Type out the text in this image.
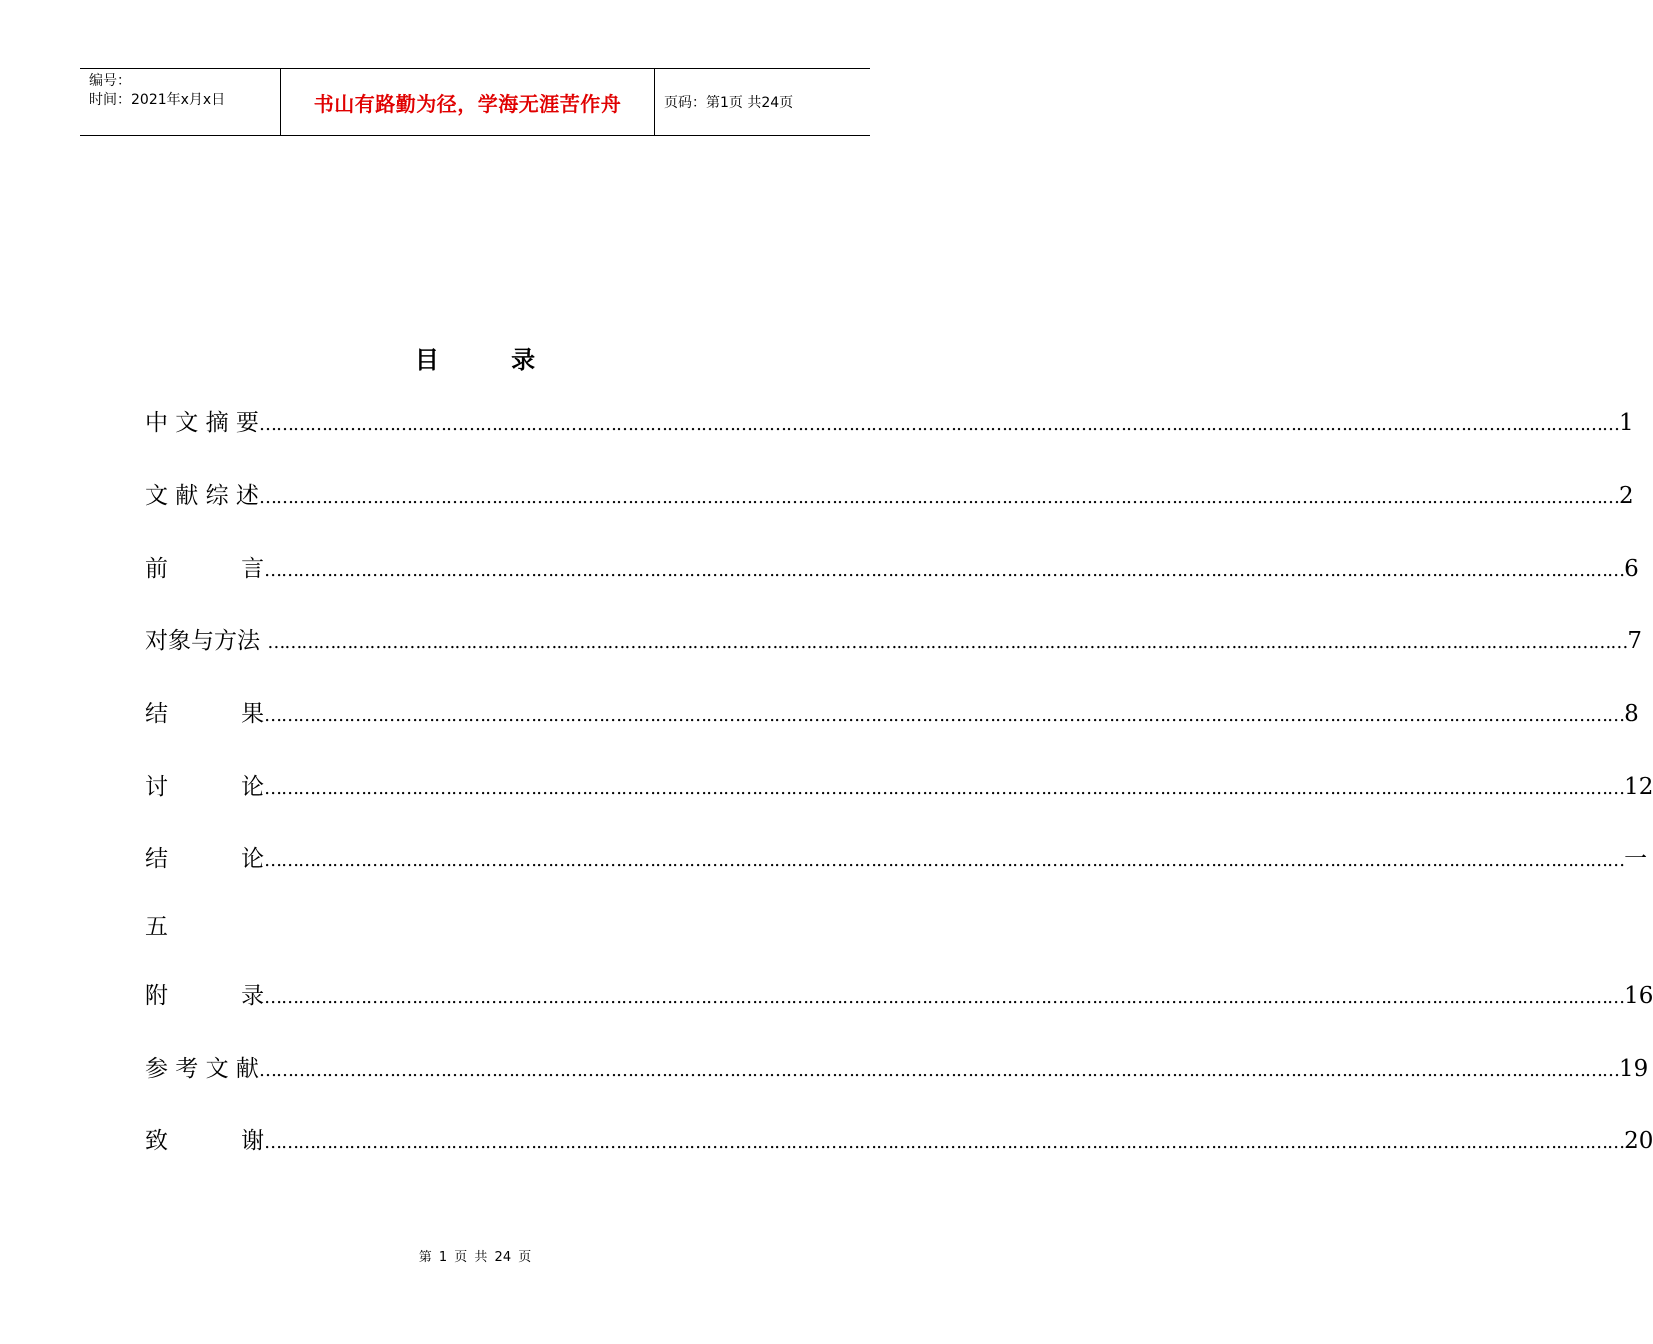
编号：
时间：2021年x月x日	书山有路勤为径，学海无涯苦作舟	页码：第1页 共24页
目 录
中 文 摘 要 …………………………………………………………………………………………………………………………………………………………………………………………………………………… 1
文 献 综 述 …………………………………………………………………………………………………………………………………………………………………………………………………………………… 2
前          言 …………………………………………………………………………………………………………………………………………………………………………………………………………………… 6
对象与方法 …………………………………………………………………………………………………………………………………………………………………………………………………………………… 7
结          果 …………………………………………………………………………………………………………………………………………………………………………………………………………………… 8
讨          论 …………………………………………………………………………………………………………………………………………………………………………………………………………………… 12
结          论 …………………………………………………………………………………………………………………………………………………………………………………………………………………… 一
五
附          录 …………………………………………………………………………………………………………………………………………………………………………………………………………………… 16
参 考 文 献 …………………………………………………………………………………………………………………………………………………………………………………………………………………… 19
致          谢 …………………………………………………………………………………………………………………………………………………………………………………………………………………… 20
第 1 页 共 24 页
